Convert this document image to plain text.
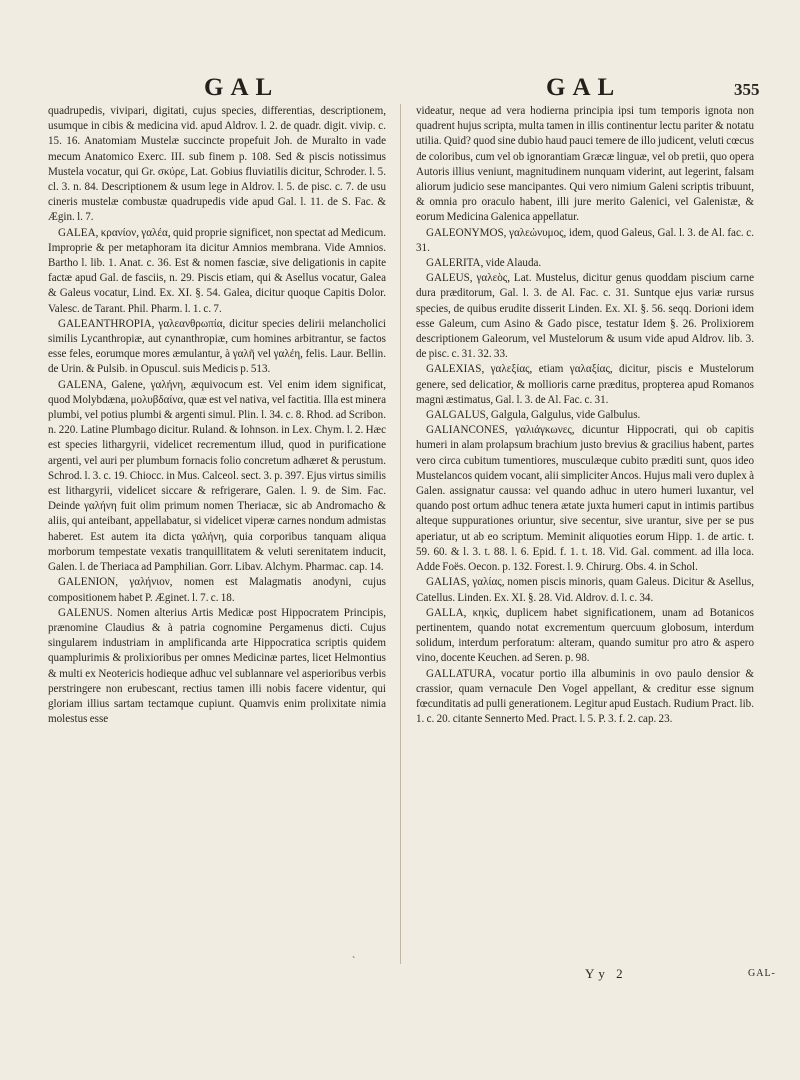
GAL	GAL	355

quadrupedis, vivipari, digitati, cujus species, differentias, descriptionem, usumque in cibis & medicina vid. apud Aldrov. l. 2. de quadr. digit. vivip. c. 15. 16. Anatomiam Mustelæ succincte propefuit Joh. de Muralto in vade mecum Anatomico Exerc. III. sub finem p. 108. Sed & piscis notissimus Mustela vocatur, qui Gr. σκύρε, Lat. Gobius fluviatilis dicitur, Schroder. l. 5. cl. 3. n. 84. Descriptionem & usum lege in Aldrov. l. 5. de pisc. c. 7. de usu cineris mustelæ combustæ quadrupedis vide apud Gal. l. 11. de S. Fac. & Ægin. l. 7.

GALEA, κρανίον, γαλέα, quid proprie significet, non spectat ad Medicum. Improprie & per metaphoram ita dicitur Amnios membrana. Vide Amnios. Bartho l. lib. 1. Anat. c. 36. Est & nomen fasciæ, sive deligationis in capite factæ apud Gal. de fasciis, n. 29. Piscis etiam, qui & Asellus vocatur, Galea & Galeus vocatur, Lind. Ex. XI. §. 54. Galea, dicitur quoque Capitis Dolor. Valesc. de Tarant. Phil. Pharm. l. 1. c. 7.

GALEANTHROPIA, γαλεανθρωπία, dicitur species delirii melancholici similis Lycanthropiæ, aut cynanthropiæ, cum homines arbitrantur, se factos esse feles, eorumque mores æmulantur, à γαλῆ vel γαλέη, felis. Laur. Bellin. de Urin. & Pulsib. in Opuscul. suis Medicis p. 513.

GALENA, Galene, γαλήνη, æquivocum est. Vel enim idem significat, quod Molybdæna, μολυβδαίνα, quæ est vel nativa, vel factitia. Illa est minera plumbi, vel potius plumbi & argenti simul. Plin. l. 34. c. 8. Rhod. ad Scribon. n. 220. Latine Plumbago dicitur. Ruland. & Iohnson. in Lex. Chym. l. 2. Hæc est species lithargyrii, videlicet recrementum illud, quod in purificatione argenti, vel auri per plumbum fornacis folio concretum adhæret & perustum. Schrod. l. 3. c. 19. Chiocc. in Mus. Calceol. sect. 3. p. 397. Ejus virtus similis est lithargyrii, videlicet siccare & refrigerare, Galen. l. 9. de Sim. Fac. Deinde γαλήνη fuit olim primum nomen Theriacæ, sic ab Andromacho & aliis, qui anteibant, appellabatur, si videlicet viperæ carnes nondum admistas haberet. Est autem ita dicta γαλήνη, quia corporibus tanquam aliqua morborum tempestate vexatis tranquillitatem & veluti serenitatem inducit, Galen. l. de Theriaca ad Pamphilian. Gorr. Libav. Alchym. Pharmac. cap. 14.

GALENION, γαλήνιον, nomen est Malagmatis anodyni, cujus compositionem habet P. Æginet. l. 7. c. 18.

GALENUS. Nomen alterius Artis Medicæ post Hippocratem Principis, prænomine Claudius & à patria cognomine Pergamenus dicti. Cujus singularem industriam in amplificanda arte Hippocratica scriptis quidem quamplurimis & prolixioribus per omnes Medicinæ partes, licet Helmontius & multi ex Neotericis hodieque adhuc vel sublannare vel asperioribus verbis perstringere non erubescant, rectius tamen illi nobis facere videntur, qui gloriam illius sartam tectamque cupiunt. Quamvis enim prolixitate nimia molestus esse

videatur, neque ad vera hodierna principia ipsi tum temporis ignota non quadrent hujus scripta, multa tamen in illis continentur lectu pariter & notatu utilia. Quid? quod sine dubio haud pauci temere de illo judicent, veluti cœcus de coloribus, cum vel ob ignorantiam Græcæ linguæ, vel ob pretii, quo opera Autoris illius veniunt, magnitudinem nunquam viderint, aut legerint, falsam aliorum judicio sese mancipantes. Qui vero nimium Galeni scriptis tribuunt, & omnia pro oraculo habent, illi jure merito Galenici, vel Galenistæ, & eorum Medicina Galenica appellatur.

GALEONYMOS, γαλεώνυμος, idem, quod Galeus, Gal. l. 3. de Al. fac. c. 31.

GALERITA, vide Alauda.

GALEUS, γαλεὸς, Lat. Mustelus, dicitur genus quoddam piscium carne dura præditorum, Gal. l. 3. de Al. Fac. c. 31. Suntque ejus variæ rursus species, de quibus erudite disserit Linden. Ex. XI. §. 56. seqq. Dorioni idem esse Galeum, cum Asino & Gado pisce, testatur Idem §. 26. Prolixiorem descriptionem Galeorum, vel Mustelorum & usum vide apud Aldrov. lib. 3. de pisc. c. 31. 32. 33.

GALEXIAS, γαλεξίας, etiam γαλαξίας, dicitur, piscis e Mustelorum genere, sed delicatior, & mollioris carne præditus, propterea apud Romanos magni æstimatus, Gal. l. 3. de Al. Fac. c. 31.

GALGALUS, Galgula, Galgulus, vide Galbulus.

GALIANCONES, γαλιάγκωνες, dicuntur Hippocrati, qui ob capitis humeri in alam prolapsum brachium justo brevius & gracilius habent, partes vero circa cubitum tumentiores, musculæque cubito præditi sunt, quos ideo Mustelancos quidem vocant, alii simpliciter Ancos. Hujus mali vero duplex à Galen. assignatur caussa: vel quando adhuc in utero humeri luxantur, vel quando post ortum adhuc tenera ætate juxta humeri caput in intimis partibus alteque suppurationes oriuntur, sive secentur, sive urantur, sive per se pus aperiatur, ut ab eo scriptum. Meminit aliquoties eorum Hipp. 1. de artic. t. 59. 60. & l. 3. t. 88. l. 6. Epid. f. 1. t. 18. Vid. Gal. comment. ad illa loca. Adde Foës. Oecon. p. 132. Forest. l. 9. Chirurg. Obs. 4. in Schol.

GALIAS, γαλίας, nomen piscis minoris, quam Galeus. Dicitur & Asellus, Catellus. Linden. Ex. XI. §. 28. Vid. Aldrov. d. l. c. 34.

GALLA, κηκὶς, duplicem habet significationem, unam ad Botanicos pertinentem, quando notat excrementum quercuum globosum, interdum solidum, interdum perforatum: alteram, quando sumitur pro atro & aspero vino, docente Keuchen. ad Seren. p. 98.

GALLATURA, vocatur portio illa albuminis in ovo paulo densior & crassior, quam vernacule Den Vogel appellant, & creditur esse signum fœcunditatis ad pulli generationem. Legitur apud Eustach. Rudium Pract. lib. 1. c. 20. citante Sennerto Med. Pract. l. 5. P. 3. f. 2. cap. 23.

`
Yy 2	GAL-
